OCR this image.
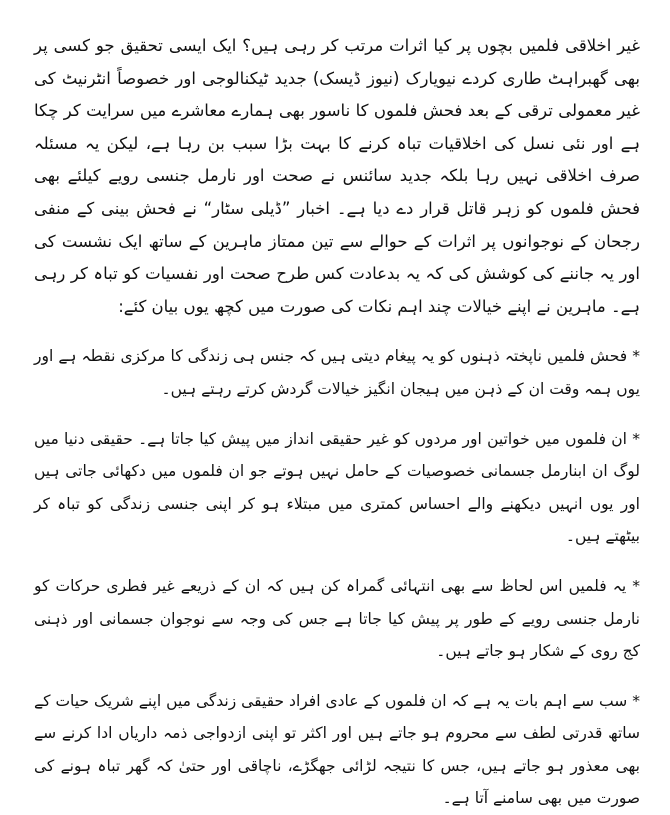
غیر اخلاقی فلمیں بچوں پر کیا اثرات مرتب کر رہی ہیں؟ ایک ایسی تحقیق جو کسی پر بھی گھبراہٹ طاری کردے نیویارک (نیوز ڈیسک) جدید ٹیکنالوجی اور خصوصاً انٹرنیٹ کی غیر معمولی ترقی کے بعد فحش فلموں کا ناسور بھی ہمارے معاشرے میں سرایت کر چکا ہے اور نئی نسل کی اخلاقیات تباہ کرنے کا بہت بڑا سبب بن رہا ہے، لیکن یہ مسئلہ صرف اخلاقی نہیں رہا بلکہ جدید سائنس نے صحت اور نارمل جنسی رویے کیلئے بھی فحش فلموں کو زہر قاتل قرار دے دیا ہے۔ اخبار ”ڈیلی سٹار“ نے فحش بینی کے منفی رجحان کے نوجوانوں پر اثرات کے حوالے سے تین ممتاز ماہرین کے ساتھ ایک نشست کی اور یہ جاننے کی کوشش کی کہ یہ بدعادت کس طرح صحت اور نفسیات کو تباہ کر رہی ہے۔ ماہرین نے اپنے خیالات چند اہم نکات کی صورت میں کچھ یوں بیان کئے:

* فحش فلمیں ناپختہ ذہنوں کو یہ پیغام دیتی ہیں کہ جنس ہی زندگی کا مرکزی نقطہ ہے اور یوں ہمہ وقت ان کے ذہن میں ہیجان انگیز خیالات گردش کرتے رہتے ہیں۔

* ان فلموں میں خواتین اور مردوں کو غیر حقیقی انداز میں پیش کیا جاتا ہے۔ حقیقی دنیا میں لوگ ان ابنارمل جسمانی خصوصیات کے حامل نہیں ہوتے جو ان فلموں میں دکھائی جاتی ہیں اور یوں انہیں دیکھنے والے احساس کمتری میں مبتلاء ہو کر اپنی جنسی زندگی کو تباہ کر بیٹھتے ہیں۔

* یہ فلمیں اس لحاظ سے بھی انتہائی گمراہ کن ہیں کہ ان کے ذریعے غیر فطری حرکات کو نارمل جنسی رویے کے طور پر پیش کیا جاتا ہے جس کی وجہ سے نوجوان جسمانی اور ذہنی کج روی کے شکار ہو جاتے ہیں۔

* سب سے اہم بات یہ ہے کہ ان فلموں کے عادی افراد حقیقی زندگی میں اپنے شریک حیات کے ساتھ قدرتی لطف سے محروم ہو جاتے ہیں اور اکثر تو اپنی ازدواجی ذمہ داریاں ادا کرنے سے بھی معذور ہو جاتے ہیں، جس کا نتیجہ لڑائی جھگڑے، ناچاقی اور حتیٰ کہ گھر تباہ ہونے کی صورت میں بھی سامنے آتا ہے۔
